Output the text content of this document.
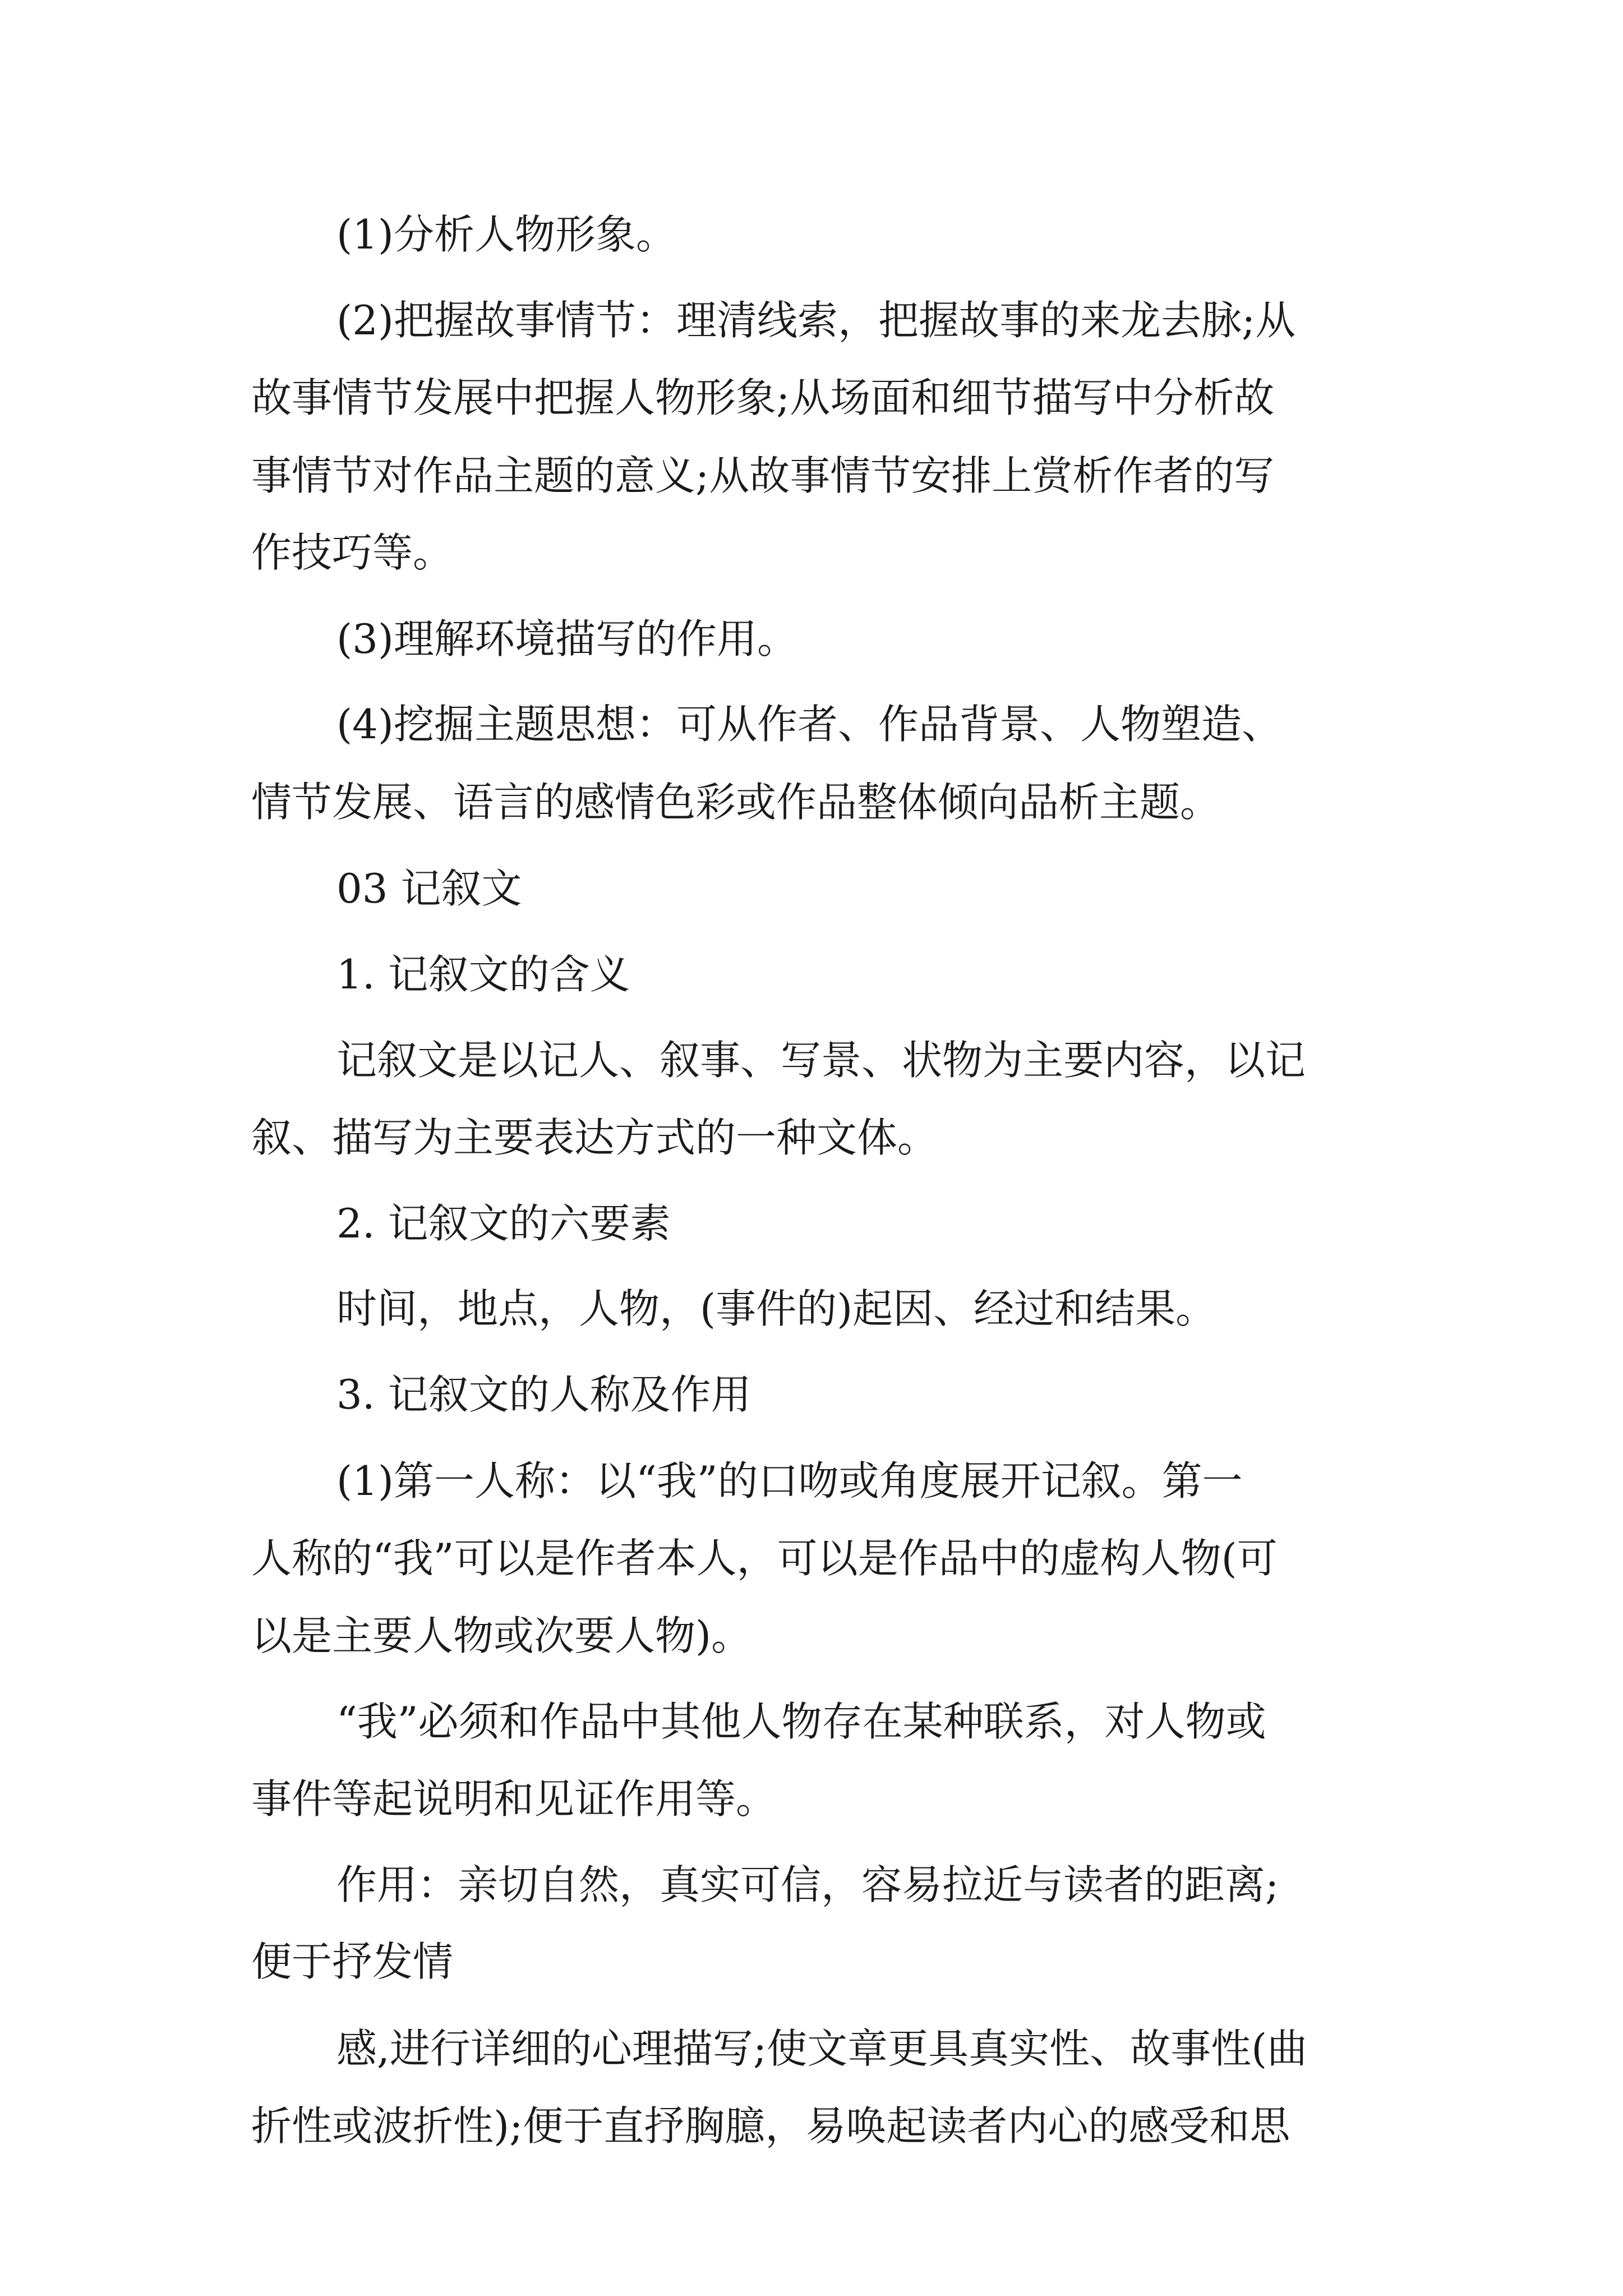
(1)分析人物形象。

(2)把握故事情节：理清线索，把握故事的来龙去脉;从

故事情节发展中把握人物形象;从场面和细节描写中分析故

事情节对作品主题的意义;从故事情节安排上赏析作者的写

作技巧等。

(3)理解环境描写的作用。

(4)挖掘主题思想：可从作者、作品背景、人物塑造、

情节发展、语言的感情色彩或作品整体倾向品析主题。

03 记叙文

1. 记叙文的含义

记叙文是以记人、叙事、写景、状物为主要内容，以记

叙、描写为主要表达方式的一种文体。

2. 记叙文的六要素

时间，地点，人物，(事件的)起因、经过和结果。

3. 记叙文的人称及作用

(1)第一人称：以“我”的口吻或角度展开记叙。第一

人称的“我”可以是作者本人，可以是作品中的虚构人物(可

以是主要人物或次要人物)。

“我”必须和作品中其他人物存在某种联系，对人物或

事件等起说明和见证作用等。

作用：亲切自然，真实可信，容易拉近与读者的距离;

便于抒发情

感,进行详细的心理描写;使文章更具真实性、故事性(曲

折性或波折性);便于直抒胸臆，易唤起读者内心的感受和思
